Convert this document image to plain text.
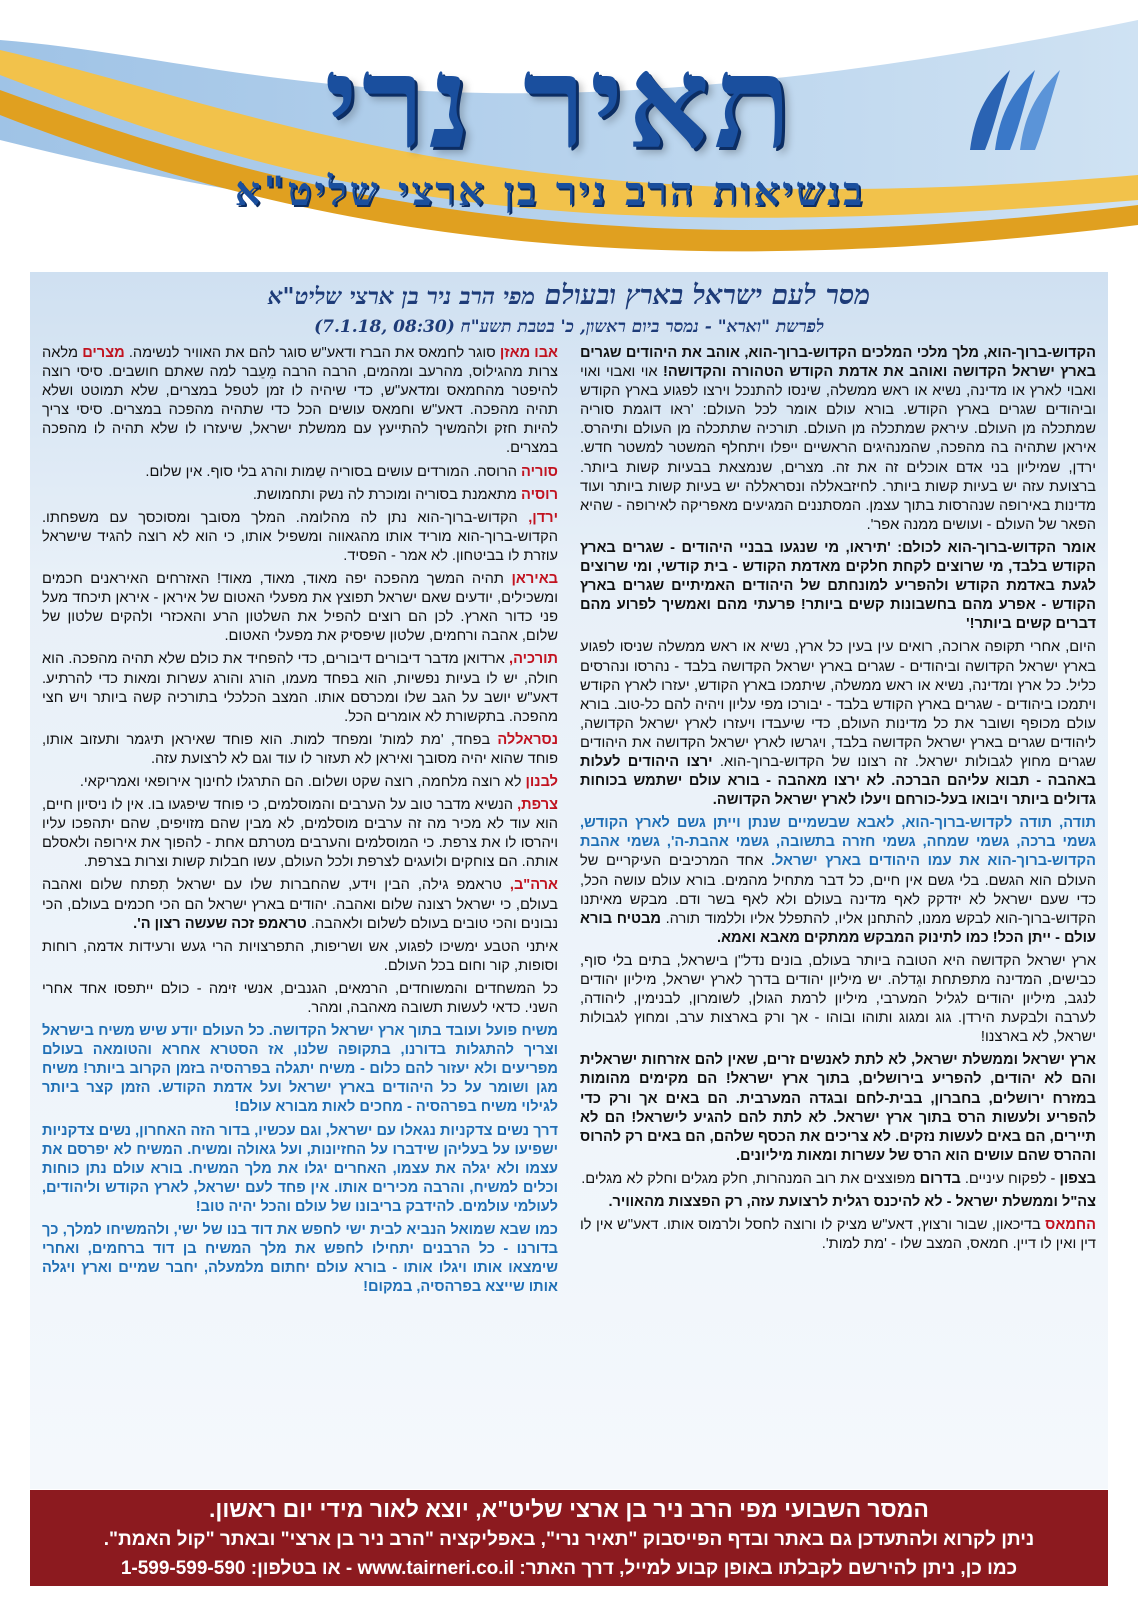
תאיר נרי
בנשיאות הרב ניר בן ארצי שליט"א
מסר לעם ישראל בארץ ובעולם מפי הרב ניר בן ארצי שליט"א
לפרשת "וארא" - נמסר ביום ראשון, כ' בטבת תשע"ח (08:30 ,7.1.18)

הקדוש-ברוך-הוא, מלך מלכי המלכים הקדוש-ברוך-הוא, אוהב את היהודים שגרים בארץ ישראל הקדושה ואוהב את אדמת הקודש הטהורה והקדושה! אוי ואבוי ואוי ואבוי לארץ או מדינה, נשיא או ראש ממשלה, שינסו להתנכל וירצו לפגוע בארץ הקודש וביהודים שגרים בארץ הקודש. בורא עולם אומר לכל העולם: 'ראו דוגמת סוריה שמתכלה מן העולם. עיראק שמתכלה מן העולם. תורכיה שתתכלה מן העולם ותיהרס. איראן שתהיה בה מהפכה, שהמנהיגים הראשיים ייפלו ויתחלף המשטר למשטר חדש. ירדן, שמיליון בני אדם אוכלים זה את זה. מצרים, שנמצאת בבעיות קשות ביותר. ברצועת עזה יש בעיות קשות ביותר. לחיזבאללה ונסראללה יש בעיות קשות ביותר ועוד מדינות באירופה שנהרסות בתוך עצמן. המסתננים המגיעים מאפריקה לאירופה - שהיא הפאר של העולם - ועושים ממנה אפר'.

אומר הקדוש-ברוך-הוא לכולם: 'תיראו, מי שנגעו בבניי היהודים - שגרים בארץ הקודש בלבד, מי שרוצים לקחת חלקים מאדמת הקודש - בית קודשי, ומי שרוצים לגעת באדמת הקודש ולהפריע למונחתם של היהודים האמיתיים שגרים בארץ הקודש - אפרע מהם בחשבונות קשים ביותר! פרעתי מהם ואמשיך לפרוע מהם דברים קשים ביותר!'

היום, אחרי תקופה ארוכה, רואים עין בעין כל ארץ, נשיא או ראש ממשלה שניסו לפגוע בארץ ישראל הקדושה וביהודים - שגרים בארץ ישראל הקדושה בלבד - נהרסו ונהרסים כליל. כל ארץ ומדינה, נשיא או ראש ממשלה, שיתמכו בארץ הקודש, יעזרו לארץ הקודש ויתמכו ביהודים - שגרים בארץ הקודש בלבד - יבורכו מפי עליון ויהיה להם כל-טוב. בורא עולם מכופף ושובר את כל מדינות העולם, כדי שיעבדו ויעזרו לארץ ישראל הקדושה, ליהודים שגרים בארץ ישראל הקדושה בלבד, ויגרשו לארץ ישראל הקדושה את היהודים שגרים מחוץ לגבולות ישראל. זה רצונו של הקדוש-ברוך-הוא. ירצו היהודים לעלות באהבה - תבוא עליהם הברכה. לא ירצו מאהבה - בורא עולם ישתמש בכוחות גדולים ביותר ויבואו בעל-כורחם ויעלו לארץ ישראל הקדושה.

תודה, תודה לקדוש-ברוך-הוא, לאבא שבשמיים שנתן וייתן גשם לארץ הקודש, גשמי ברכה, גשמי שמחה, גשמי חזרה בתשובה, גשמי אהבת-ה', גשמי אהבת הקדוש-ברוך-הוא את עמו היהודים בארץ ישראל. אחד המרכיבים העיקריים של העולם הוא הגשם. בלי גשם אין חיים, כל דבר מתחיל מהמים. בורא עולם עושה הכל, כדי שעם ישראל לא יזדקק לאף מדינה בעולם ולא לאף בשר ודם. מבקש מאיתנו הקדוש-ברוך-הוא לבקש ממנו, להתחנן אליו, להתפלל אליו וללמוד תורה. מבטיח בורא עולם - ייתן הכל! כמו לתינוק המבקש ממתקים מאבא ואמא.

ארץ ישראל הקדושה היא הטובה ביותר בעולם, בונים נדל"ן בישראל, בתים בלי סוף, כבישים, המדינה מתפתחת וגֵדלה. יש מיליון יהודים בדרך לארץ ישראל, מיליון יהודים לנגב, מיליון יהודים לגליל המערבי, מיליון לרמת הגולן, לשומרון, לבנימין, ליהודה, לערבה ולבקעת הירדן. גוג ומגוג ותוהו ובוהו - אך ורק בארצות ערב, ומחוץ לגבולות ישראל, לא בארצנו!

ארץ ישראל וממשלת ישראל, לא לתת לאנשים זרים, שאין להם אזרחות ישראלית והם לא יהודים, להפריע בירושלים, בתוך ארץ ישראל! הם מקימים מהומות במזרח ירושלים, בחברון, בבית-לחם ובגדה המערבית. הם באים אך ורק כדי להפריע ולעשות הרס בתוך ארץ ישראל. לא לתת להם להגיע לישראל! הם לא תיירים, הם באים לעשות נזקים. לא צריכים את הכסף שלהם, הם באים רק להרוס וההרס שהם עושים הוא הרס של עשרות ומאות מיליונים.

בצפון - לפקוח עיניים. בדרום מפוצצים את רוב המנהרות, חלק מגלים וחלק לא מגלים.

צה"ל וממשלת ישראל - לא להיכנס רגלית לרצועת עזה, רק הפצצות מהאוויר.

החמאס בדיכאון, שבור ורצוץ, דאע"ש מציק לו ורוצה לחסל ולרמוס אותו. דאע"ש אין לו דין ואין לו דיין. חמאס, המצב שלו - 'מת למות'.

אבו מאזן סוגר לחמאס את הברז ודאע"ש סוגר להם את האוויר לנשימה. מצרים מלאה צרות מהגילוס, מהרעב ומהמים, הרבה הרבה מֵעֵבר למה שאתם חושבים. סיסי רוצה להיפטר מהחמאס ומדאע"ש, כדי שיהיה לו זמן לטפל במצרים, שלא תמוטט ושלא תהיה מהפכה. דאע"ש וחמאס עושים הכל כדי שתהיה מהפכה במצרים. סיסי צריך להיות חזק ולהמשיך להתייעץ עם ממשלת ישראל, שיעזרו לו שלא תהיה לו מהפכה במצרים.

סוריה הרוסה. המורדים עושים בסוריה שַמות והרג בלי סוף. אין שלום.

רוסיה מתאמנת בסוריה ומוכרת לה נשק ותחמושת.

ירדן, הקדוש-ברוך-הוא נתן לה מהלומה. המלך מסובך ומסוכסך עם משפחתו. הקדוש-ברוך-הוא מוריד אותו מהגאווה ומשפיל אותו, כי הוא לא רוצה להגיד שישראל עוזרת לו בביטחון. לא אמר - הפסיד.

באיראן תהיה המשך מהפכה יפה מאוד, מאוד, מאוד! האזרחים האיראנים חכמים ומשכילים, יודעים שאם ישראל תפוצץ את מפעלי האטום של איראן - איראן תיכחד מעל פני כדור הארץ. לכן הם רוצים להפיל את השלטון הרע והאכזרי ולהקים שלטון של שלום, אהבה ורחמים, שלטון שיפסיק את מפעלי האטום.

תורכיה, ארדואן מדבר דיבורים דיבורים, כדי להפחיד את כולם שלא תהיה מהפכה. הוא חולה, יש לו בעיות נפשיות, הוא בפחד מעמו, הורג והורג עשרות ומאות כדי להרתיע. דאע"ש יושב על הגב שלו ומכרסם אותו. המצב הכלכלי בתורכיה קשה ביותר ויש חצי מהפכה. בתקשורת לא אומרים הכל.

נסראללה בפחד, 'מת למות' ומפחד למות. הוא פוחד שאיראן תיגמר ותעזוב אותו, פוחד שהוא יהיה מסובך ואיראן לא תעזור לו עוד וגם לא לרצועת עזה.

לבנון לא רוצה מלחמה, רוצה שקט ושלום. הם התרגלו לחינוך אירופאי ואמריקאי.

צרפת, הנשיא מדבר טוב על הערבים והמוסלמים, כי פוחד שיפגעו בו. אין לו ניסיון חיים, הוא עוד לא מכיר מה זה ערבים מוסלמים, לא מבין שהם מזויפים, שהם יתהפכו עליו ויהרסו לו את צרפת. כי המוסלמים והערבים מטרתם אחת - להפוך את אירופה ולאסלם אותה. הם צוחקים ולועגים לצרפת ולכל העולם, עשו חבלות קשות וצרות בצרפת.

ארה"ב, טראמפ גילה, הבין וידע, שהחברות שלו עם ישראל תִפתח שלום ואהבה בעולם, כי ישראל רצונה שלום ואהבה. יהודים בארץ ישראל הם הכי חכמים בעולם, הכי נבונים והכי טובים בעולם לשלום ולאהבה. טראמפ זכה שעשה רצון ה'.

איתני הטבע ימשיכו לפגוע, אש ושריפות, התפרצויות הרי געש ורעידות אדמה, רוחות וסופות, קור וחום בכל העולם.

כל המשחדים והמשוחדים, הרמאים, הגנבים, אנשי זימה - כולם ייתפסו אחד אחרי השני. כדאי לעשות תשובה מאהבה, ומהר.

משיח פועל ועובד בתוך ארץ ישראל הקדושה. כל העולם יודע שיש משיח בישראל וצריך להתגלות בדורנו, בתקופה שלנו, אז הסטרא אחרא והטומאה בעולם מפריעים ולא יעזור להם כלום - משיח יתגלה בפרהסיה בזמן הקרוב ביותר! משיח מגן ושומר על כל היהודים בארץ ישראל ועל אדמת הקודש. הזמן קצר ביותר לגילוי משיח בפרהסיה - מחכים לאות מבורא עולם!

דרך נשים צדקניות נגאלו עם ישראל, וגם עכשיו, בדור הזה האחרון, נשים צדקניות ישפיעו על בעליהן שידברו על החזיונות, ועל גאולה ומשיח. המשיח לא יפרסם את עצמו ולא יגלה את עצמו, האחרים יגלו את מלך המשיח. בורא עולם נתן כוחות וכלים למשיח, והרבה מכירים אותו. אין פחד לעם ישראל, לארץ הקודש וליהודים, לעולמי עולמים. להידבק בריבונו של עולם והכל יהיה טוב!

כמו שבא שמואל הנביא לבית ישי לחפש את דוד בנו של ישי, ולהמשיחו למלך, כך בדורנו - כל הרבנים יתחילו לחפש את מלך המשיח בן דוד ברחמים, ואחרי שימצאו אותו ויגלו אותו - בורא עולם יחתום מלמעלה, יחבר שמיים וארץ ויגלה אותו שייצא בפרהסיה, במקום!

המסר השבועי מפי הרב ניר בן ארצי שליט"א, יוצא לאור מידי יום ראשון.
ניתן לקרוא ולהתעדכן גם באתר ובדף הפייסבוק "תאיר נרי", באפליקציה "הרב ניר בן ארצי" ובאתר "קול האמת".
כמו כן, ניתן להירשם לקבלתו באופן קבוע למייל, דרך האתר: www.tairneri.co.il - או בטלפון: 1-599-599-590
